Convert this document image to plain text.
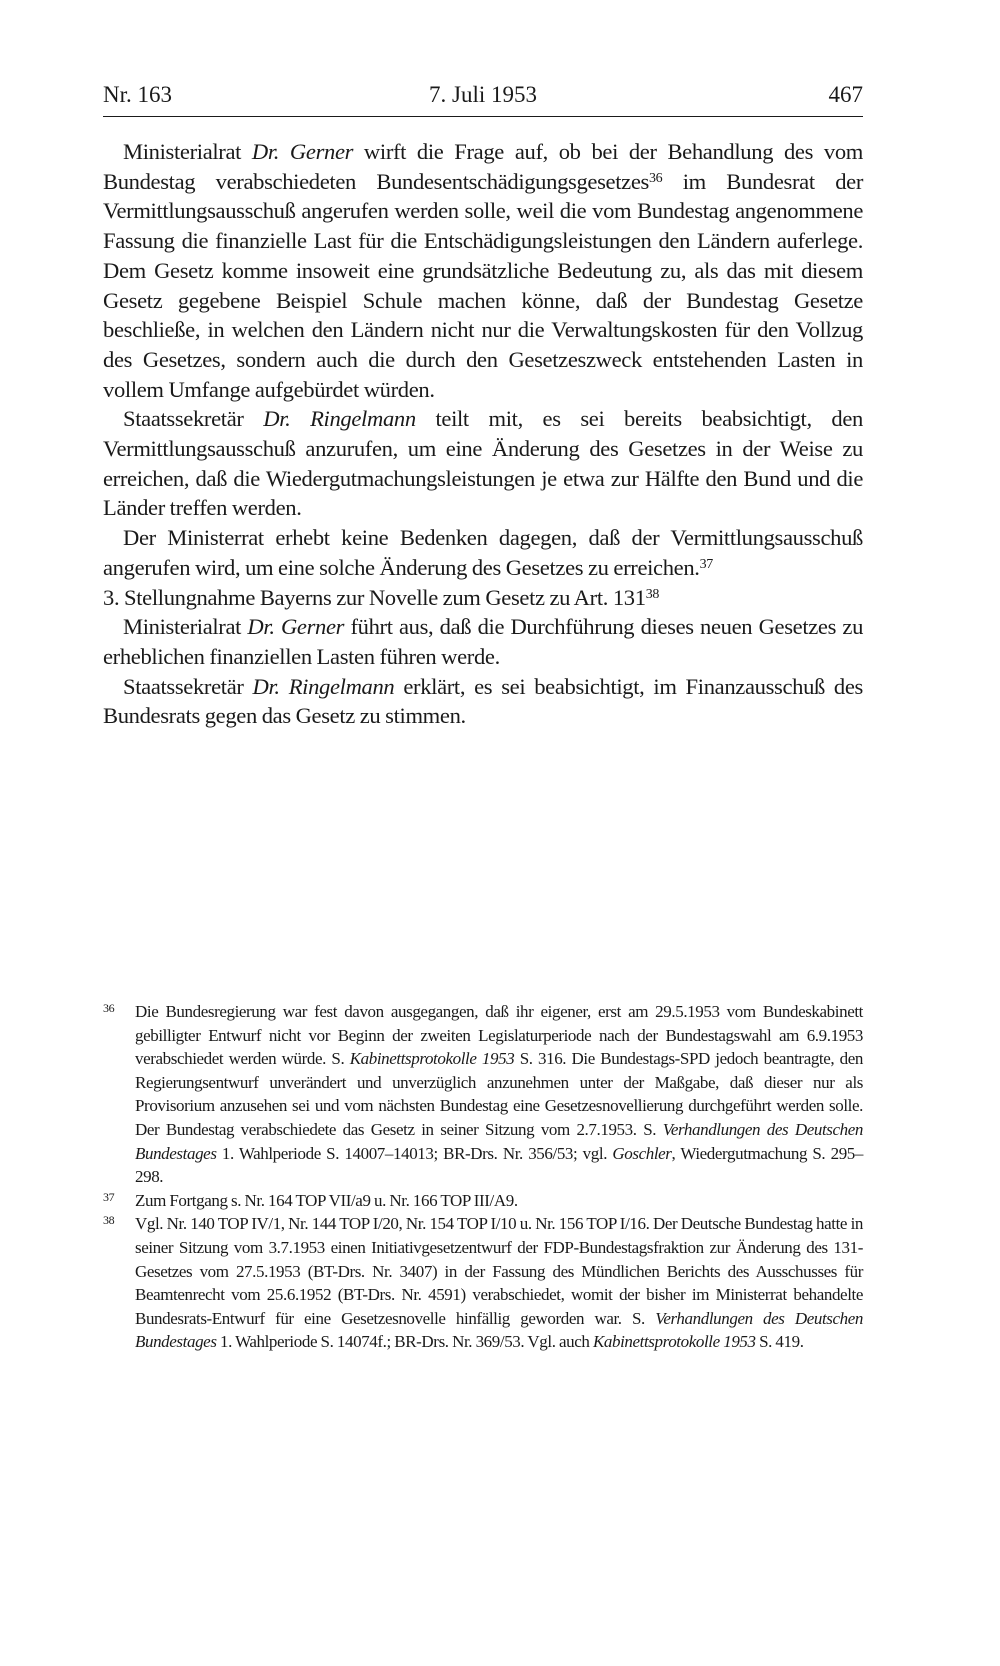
Nr. 163	7. Juli 1953	467

Ministerialrat Dr. Gerner wirft die Frage auf, ob bei der Behandlung des vom Bundestag verabschiedeten Bundesentschädigungsgesetzes$^{36}$ im Bundesrat der Vermittlungsausschuß angerufen werden solle, weil die vom Bundestag angenommene Fassung die finanzielle Last für die Entschädigungsleistungen den Ländern auferlege. Dem Gesetz komme insoweit eine grundsätzliche Bedeutung zu, als das mit diesem Gesetz gegebene Beispiel Schule machen könne, daß der Bundestag Gesetze beschließe, in welchen den Ländern nicht nur die Verwaltungskosten für den Vollzug des Gesetzes, sondern auch die durch den Gesetzeszweck entstehenden Lasten in vollem Umfange aufgebürdet würden.

Staatssekretär Dr. Ringelmann teilt mit, es sei bereits beabsichtigt, den Vermittlungsausschuß anzurufen, um eine Änderung des Gesetzes in der Weise zu erreichen, daß die Wiedergutmachungsleistungen je etwa zur Hälfte den Bund und die Länder treffen werden.

Der Ministerrat erhebt keine Bedenken dagegen, daß der Vermittlungsausschuß angerufen wird, um eine solche Änderung des Gesetzes zu erreichen.$^{37}$

3. Stellungnahme Bayerns zur Novelle zum Gesetz zu Art. $131^{38}$

Ministerialrat Dr. Gerner führt aus, daß die Durchführung dieses neuen Gesetzes zu erheblichen finanziellen Lasten führen werde.

Staatssekretär Dr. Ringelmann erklärt, es sei beabsichtigt, im Finanzausschuß des Bundesrats gegen das Gesetz zu stimmen.

36 Die Bundesregierung war fest davon ausgegangen, daß ihr eigener, erst am 29.5.1953 vom Bundeskabinett gebilligter Entwurf nicht vor Beginn der zweiten Legislaturperiode nach der Bundestagswahl am 6.9.1953 verabschiedet werden würde. S. Kabinettsprotokolle 1953 S. 316. Die Bundestags-SPD jedoch beantragte, den Regierungsentwurf unverändert und unverzüglich anzunehmen unter der Maßgabe, daß dieser nur als Provisorium anzusehen sei und vom nächsten Bundestag eine Gesetzesnovellierung durchgeführt werden solle. Der Bundestag verabschiedete das Gesetz in seiner Sitzung vom 2.7.1953. S. Verhandlungen des Deutschen Bundestages 1. Wahlperiode S. 14007–14013; BR-Drs. Nr. 356/53; vgl. Goschler, Wiedergutmachung S. 295–298.
37 Zum Fortgang s. Nr. 164 TOP VII/a9 u. Nr. 166 TOP III/A9.
38 Vgl. Nr. 140 TOP IV/1, Nr. 144 TOP I/20, Nr. 154 TOP I/10 u. Nr. 156 TOP I/16. Der Deutsche Bundestag hatte in seiner Sitzung vom 3.7.1953 einen Initiativgesetzentwurf der FDP-Bundestagsfraktion zur Änderung des 131-Gesetzes vom 27.5.1953 (BT-Drs. Nr. 3407) in der Fassung des Mündlichen Berichts des Ausschusses für Beamtenrecht vom 25.6.1952 (BT-Drs. Nr. 4591) verabschiedet, womit der bisher im Ministerrat behandelte Bundesrats-Entwurf für eine Gesetzesnovelle hinfällig geworden war. S. Verhandlungen des Deutschen Bundestages 1. Wahlperiode S. 14074f.; BR-Drs. Nr. 369/53. Vgl. auch Kabinettsprotokolle 1953 S. 419.
